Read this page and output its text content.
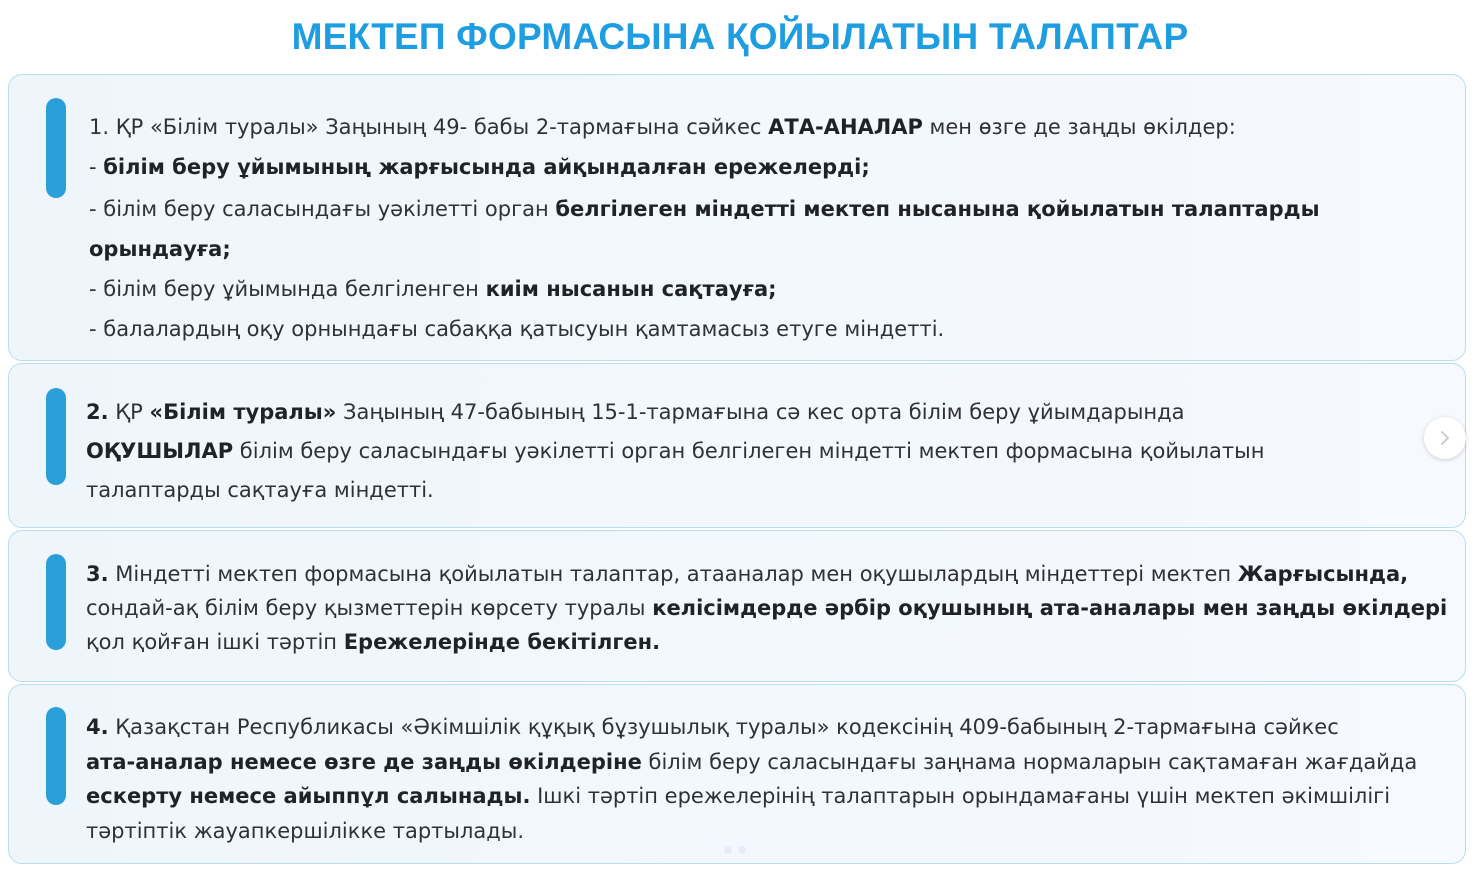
МЕКТЕП ФОРМАСЫНА ҚОЙЫЛАТЫН ТАЛАПТАР

1. ҚР «Білім туралы» Заңының 49- бабы 2-тармағына сәйкес АТА-АНАЛАР мен өзге де заңды өкілдер:

- білім беру ұйымының жарғысында айқындалған ережелерді;

- білім беру саласындағы уәкілетті орган белгілеген міндетті мектеп нысанына қойылатын талаптарды

орындауға;

- білім беру ұйымында белгіленген киім нысанын сақтауға;

- балалардың оқу орнындағы сабаққа қатысуын қамтамасыз етуге міндетті.

2. ҚР «Білім туралы» Заңының 47-бабының 15-1-тармағына сә кес орта білім беру ұйымдарында

ОҚУШЫЛАР білім беру саласындағы уәкілетті орган белгілеген міндетті мектеп формасына қойылатын

талаптарды сақтауға міндетті.

3. Міндетті мектеп формасына қойылатын талаптар, атааналар мен оқушылардың міндеттері мектеп Жарғысында,

сондай-ақ білім беру қызметтерін көрсету туралы келісімдерде әрбір оқушының ата-аналары мен заңды өкілдері

қол қойған ішкі тәртіп Ережелерінде бекітілген.

4. Қазақстан Республикасы «Әкімшілік құқық бұзушылық туралы» кодексінің 409-бабының 2-тармағына сәйкес

ата-аналар немесе өзге де заңды өкілдеріне білім беру саласындағы заңнама нормаларын сақтамаған жағдайда

ескерту немесе айыппұл салынады. Ішкі тәртіп ережелерінің талаптарын орындамағаны үшін мектеп әкімшілігі

тәртіптік жауапкершілікке тартылады.
